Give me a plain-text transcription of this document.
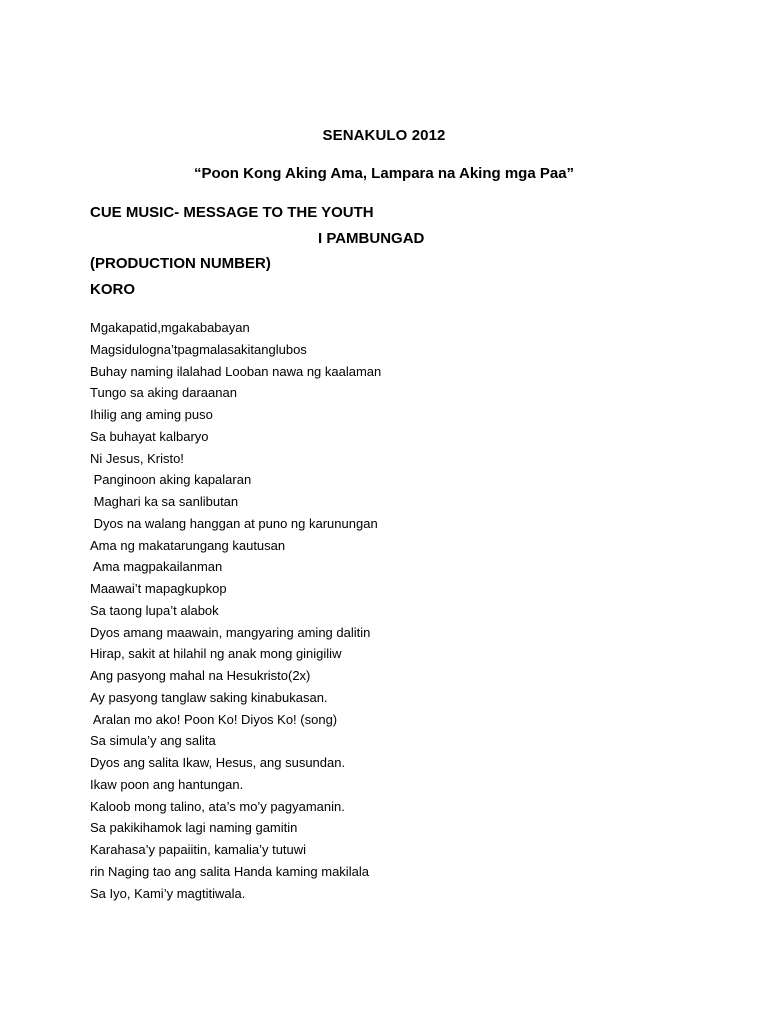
SENAKULO 2012
“Poon Kong Aking Ama, Lampara na Aking mga Paa”
CUE MUSIC- MESSAGE TO THE YOUTH
I PAMBUNGAD
(PRODUCTION NUMBER)
KORO
Mgakapatid,mgakababayan
Magsidulogna’tpagmalasakitanglubos
Buhay naming ilalahad Looban nawa ng kaalaman
Tungo sa aking daraanan
Ihilig ang aming puso
Sa buhayat kalbaryo
Ni Jesus, Kristo!
Panginoon aking kapalaran
Maghari ka sa sanlibutan
Dyos na walang hanggan at puno ng karunungan
Ama ng makatarungang kautusan
Ama magpakailanman
Maawai’t mapagkupkop
Sa taong lupa’t alabok
Dyos amang maawain, mangyaring aming dalitin
Hirap, sakit at hilahil ng anak mong ginigiliw
Ang pasyong mahal na Hesukristo(2x)
Ay pasyong tanglaw saking kinabukasan.
Aralan mo ako! Poon Ko! Diyos Ko! (song)
Sa simula’y ang salita
Dyos ang salita Ikaw, Hesus, ang susundan.
Ikaw poon ang hantungan.
Kaloob mong talino, ata’s mo’y pagyamanin.
Sa pakikihamok lagi naming gamitin
Karahasa’y papaiitin, kamalia’y tutuwi
rin Naging tao ang salita Handa kaming makilala
Sa Iyo, Kami’y magtitiwala.
